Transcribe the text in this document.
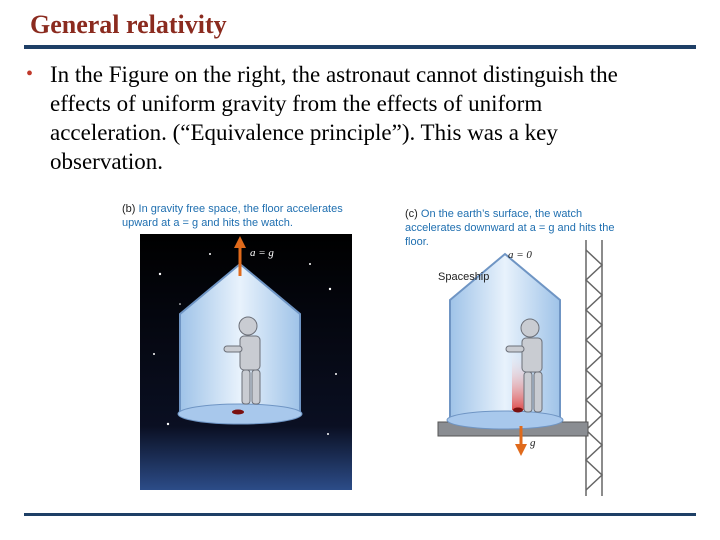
General relativity
• In the Figure on the right, the astronaut cannot distinguish the effects of uniform gravity from the effects of uniform acceleration. (“Equivalence principle”). This was a key observation.
(b) In gravity free space, the floor accelerates upward at a = g and hits the watch.
a = g
(c) On the earth’s surface, the watch accelerates downward at a = g and hits the floor.
g
a = 0
Spaceship
